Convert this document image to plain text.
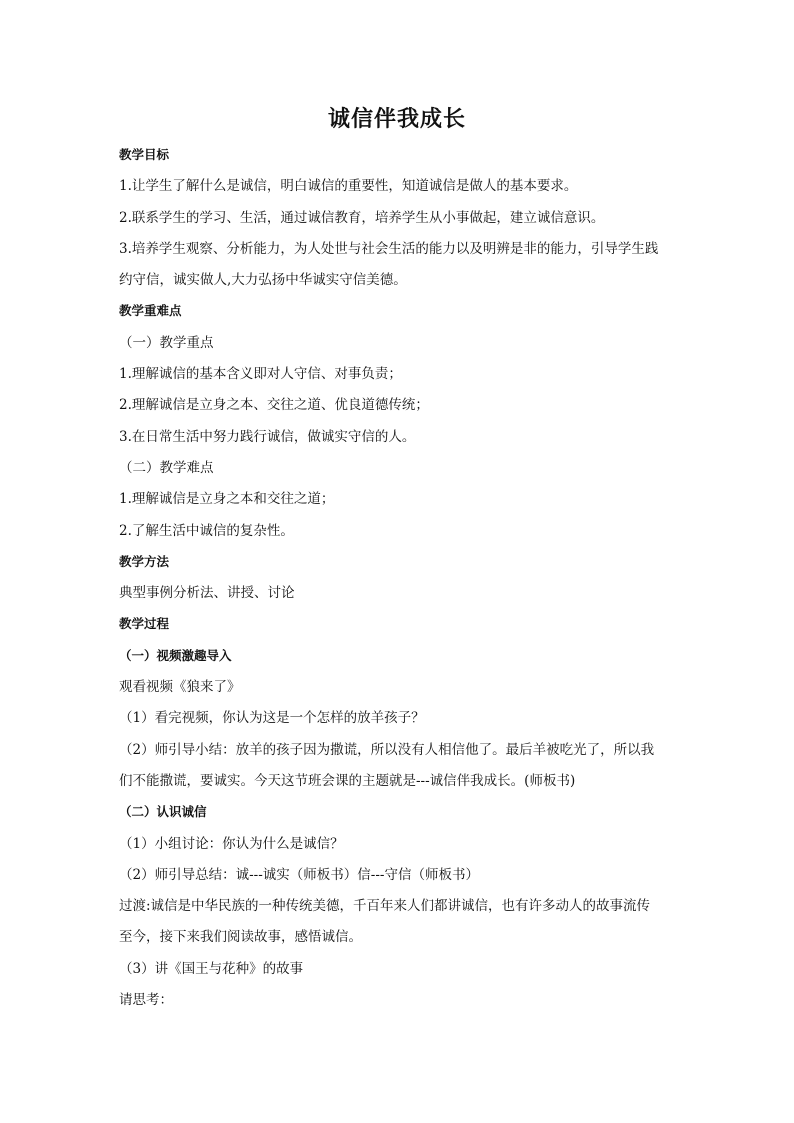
诚信伴我成长
教学目标
1.让学生了解什么是诚信，明白诚信的重要性，知道诚信是做人的基本要求。
2.联系学生的学习、生活，通过诚信教育，培养学生从小事做起，建立诚信意识。
3.培养学生观察、分析能力，为人处世与社会生活的能力以及明辨是非的能力，引导学生践
约守信，诚实做人,大力弘扬中华诚实守信美德。
教学重难点
（一）教学重点
1.理解诚信的基本含义即对人守信、对事负责；
2.理解诚信是立身之本、交往之道、优良道德传统；
3.在日常生活中努力践行诚信，做诚实守信的人。
（二）教学难点
1.理解诚信是立身之本和交往之道；
2.了解生活中诚信的复杂性。
教学方法
典型事例分析法、讲授、讨论
教学过程
（一）视频激趣导入
观看视频《狼来了》
（1）看完视频，你认为这是一个怎样的放羊孩子？
（2）师引导小结：放羊的孩子因为撒谎，所以没有人相信他了。最后羊被吃光了，所以我
们不能撒谎，要诚实。今天这节班会课的主题就是---诚信伴我成长。(师板书)
（二）认识诚信
（1）小组讨论：你认为什么是诚信？
（2）师引导总结：诚---诚实（师板书）信---守信（师板书）
过渡:诚信是中华民族的一种传统美德，千百年来人们都讲诚信，也有许多动人的故事流传
至今，接下来我们阅读故事，感悟诚信。
（3）讲《国王与花种》的故事
请思考：
